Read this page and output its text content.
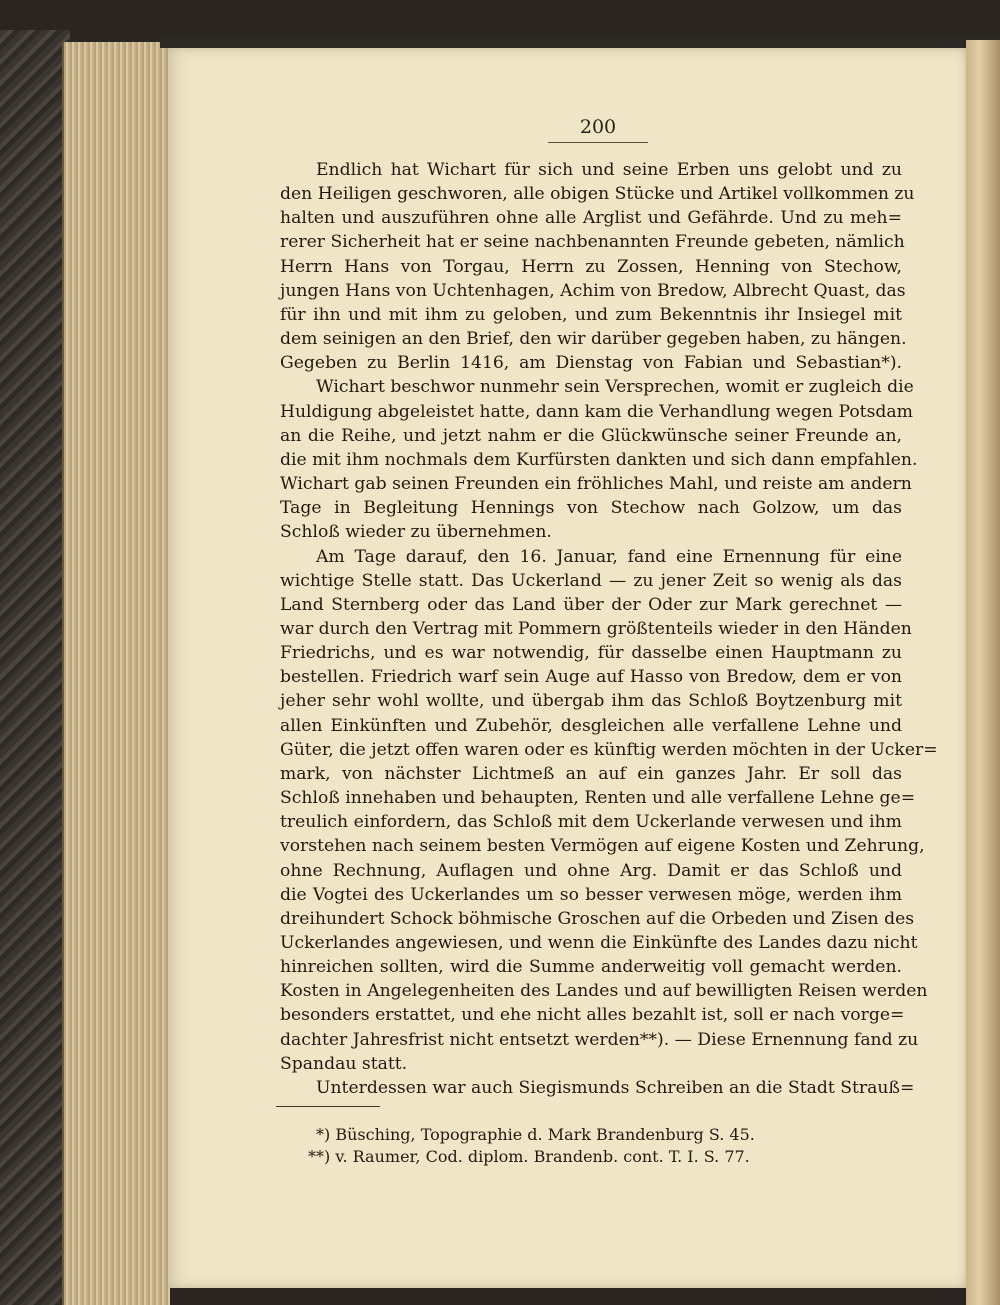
200
Endlich hat Wichart für sich und seine Erben uns gelobt und zu
den Heiligen geschworen, alle obigen Stücke und Artikel vollkommen zu
halten und auszuführen ohne alle Arglist und Gefährde. Und zu meh=
rerer Sicherheit hat er seine nachbenannten Freunde gebeten, nämlich
Herrn Hans von Torgau, Herrn zu Zossen, Henning von Stechow,
jungen Hans von Uchtenhagen, Achim von Bredow, Albrecht Quast, das
für ihn und mit ihm zu geloben, und zum Bekenntnis ihr Insiegel mit
dem seinigen an den Brief, den wir darüber gegeben haben, zu hängen.
Gegeben zu Berlin 1416, am Dienstag von Fabian und Sebastian*).
Wichart beschwor nunmehr sein Versprechen, womit er zugleich die
Huldigung abgeleistet hatte, dann kam die Verhandlung wegen Potsdam
an die Reihe, und jetzt nahm er die Glückwünsche seiner Freunde an,
die mit ihm nochmals dem Kurfürsten dankten und sich dann empfahlen.
Wichart gab seinen Freunden ein fröhliches Mahl, und reiste am andern
Tage in Begleitung Hennings von Stechow nach Golzow, um das
Schloß wieder zu übernehmen.
Am Tage darauf, den 16. Januar, fand eine Ernennung für eine
wichtige Stelle statt. Das Uckerland — zu jener Zeit so wenig als das
Land Sternberg oder das Land über der Oder zur Mark gerechnet —
war durch den Vertrag mit Pommern größtenteils wieder in den Händen
Friedrichs, und es war notwendig, für dasselbe einen Hauptmann zu
bestellen. Friedrich warf sein Auge auf Hasso von Bredow, dem er von
jeher sehr wohl wollte, und übergab ihm das Schloß Boytzenburg mit
allen Einkünften und Zubehör, desgleichen alle verfallene Lehne und
Güter, die jetzt offen waren oder es künftig werden möchten in der Ucker=
mark, von nächster Lichtmeß an auf ein ganzes Jahr. Er soll das
Schloß innehaben und behaupten, Renten und alle verfallene Lehne ge=
treulich einfordern, das Schloß mit dem Uckerlande verwesen und ihm
vorstehen nach seinem besten Vermögen auf eigene Kosten und Zehrung,
ohne Rechnung, Auflagen und ohne Arg. Damit er das Schloß und
die Vogtei des Uckerlandes um so besser verwesen möge, werden ihm
dreihundert Schock böhmische Groschen auf die Orbeden und Zisen des
Uckerlandes angewiesen, und wenn die Einkünfte des Landes dazu nicht
hinreichen sollten, wird die Summe anderweitig voll gemacht werden.
Kosten in Angelegenheiten des Landes und auf bewilligten Reisen werden
besonders erstattet, und ehe nicht alles bezahlt ist, soll er nach vorge=
dachter Jahresfrist nicht entsetzt werden**). — Diese Ernennung fand zu
Spandau statt.
Unterdessen war auch Siegismunds Schreiben an die Stadt Strauß=
*) Büsching, Topographie d. Mark Brandenburg S. 45.
**) v. Raumer, Cod. diplom. Brandenb. cont. T. I. S. 77.
